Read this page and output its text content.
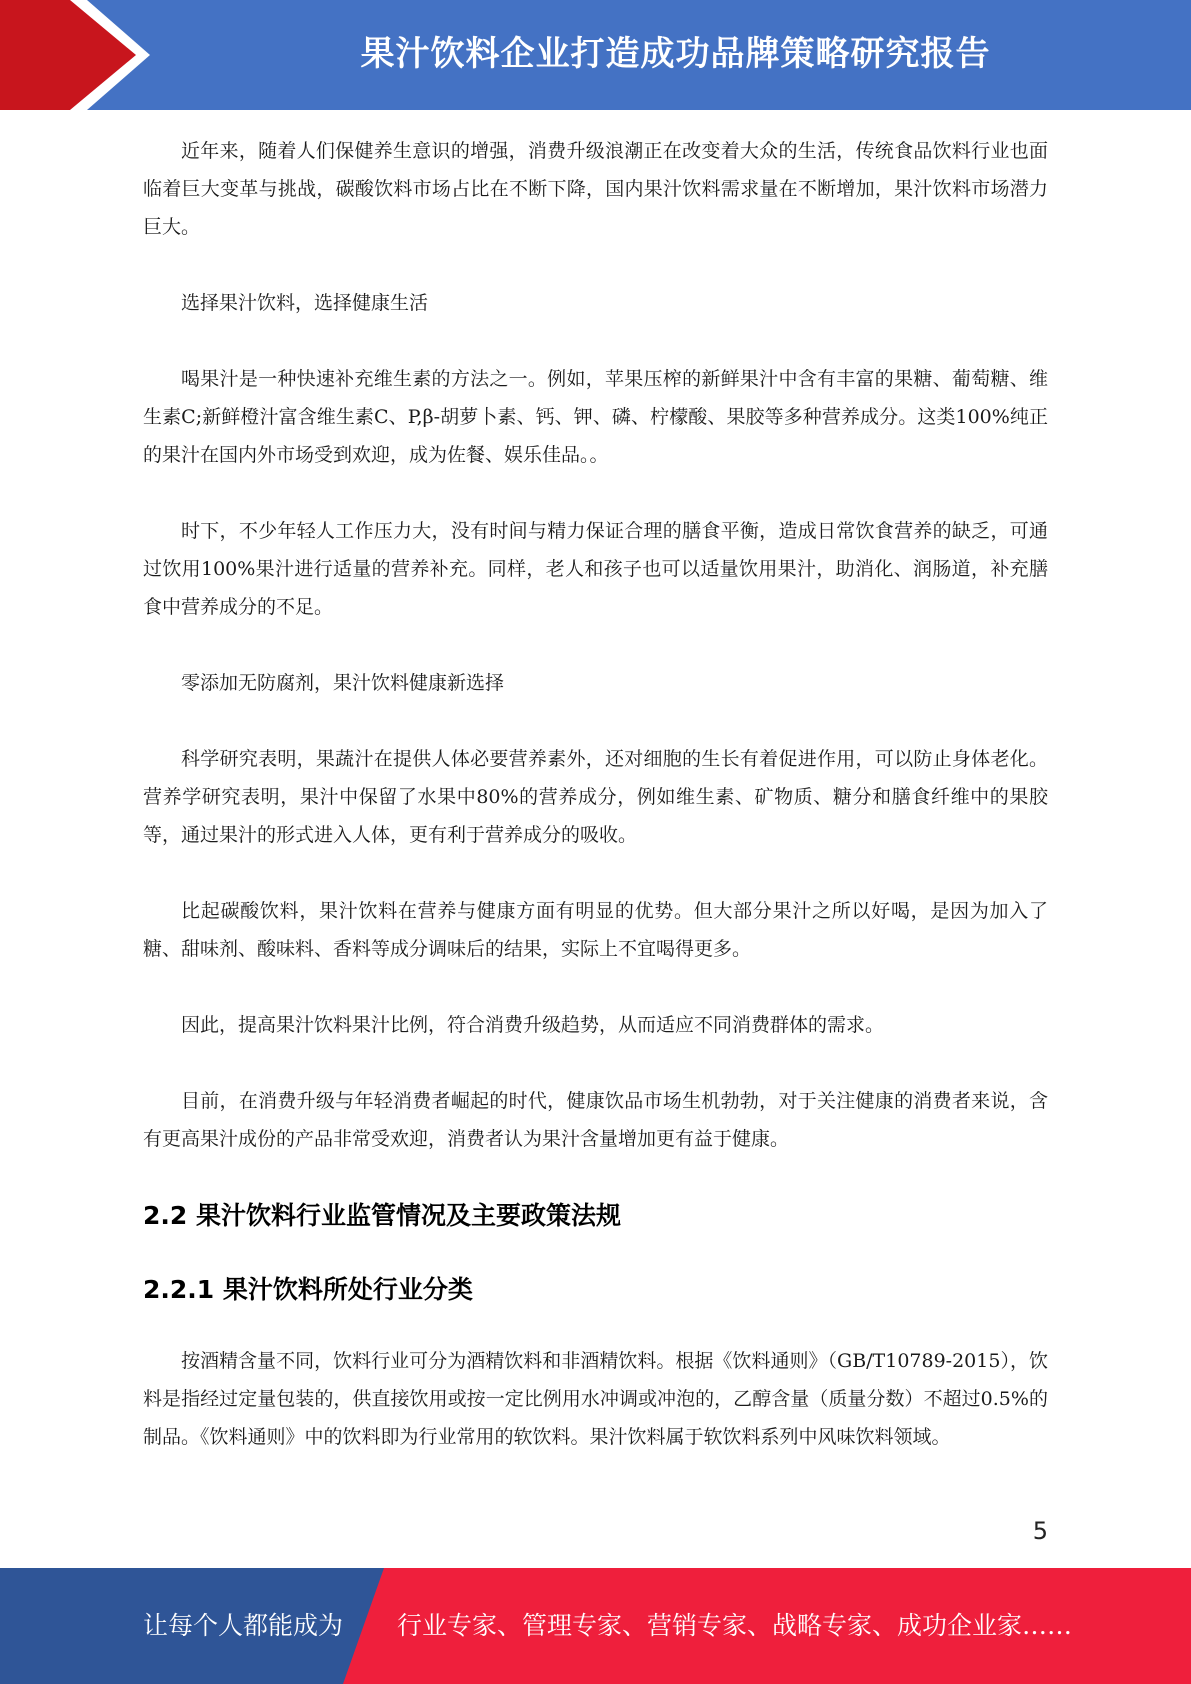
果汁饮料企业打造成功品牌策略研究报告

近年来，随着人们保健养生意识的增强，消费升级浪潮正在改变着大众的生活，传统食品饮料行业也面临着巨大变革与挑战，碳酸饮料市场占比在不断下降，国内果汁饮料需求量在不断增加，果汁饮料市场潜力巨大。

选择果汁饮料，选择健康生活

喝果汁是一种快速补充维生素的方法之一。例如，苹果压榨的新鲜果汁中含有丰富的果糖、葡萄糖、维生素C;新鲜橙汁富含维生素C、P,β-胡萝卜素、钙、钾、磷、柠檬酸、果胶等多种营养成分。这类100%纯正的果汁在国内外市场受到欢迎，成为佐餐、娱乐佳品。。

时下，不少年轻人工作压力大，没有时间与精力保证合理的膳食平衡，造成日常饮食营养的缺乏，可通过饮用100%果汁进行适量的营养补充。同样，老人和孩子也可以适量饮用果汁，助消化、润肠道，补充膳食中营养成分的不足。

零添加无防腐剂，果汁饮料健康新选择

科学研究表明，果蔬汁在提供人体必要营养素外，还对细胞的生长有着促进作用，可以防止身体老化。营养学研究表明，果汁中保留了水果中80%的营养成分，例如维生素、矿物质、糖分和膳食纤维中的果胶等，通过果汁的形式进入人体，更有利于营养成分的吸收。

比起碳酸饮料，果汁饮料在营养与健康方面有明显的优势。但大部分果汁之所以好喝，是因为加入了糖、甜味剂、酸味料、香料等成分调味后的结果，实际上不宜喝得更多。

因此，提高果汁饮料果汁比例，符合消费升级趋势，从而适应不同消费群体的需求。

目前，在消费升级与年轻消费者崛起的时代，健康饮品市场生机勃勃，对于关注健康的消费者来说，含有更高果汁成份的产品非常受欢迎，消费者认为果汁含量增加更有益于健康。

2.2 果汁饮料行业监管情况及主要政策法规
2.2.1 果汁饮料所处行业分类

按酒精含量不同，饮料行业可分为酒精饮料和非酒精饮料。根据《饮料通则》（GB/T10789-2015），饮料是指经过定量包装的，供直接饮用或按一定比例用水冲调或冲泡的，乙醇含量（质量分数）不超过0.5%的制品。《饮料通则》中的饮料即为行业常用的软饮料。果汁饮料属于软饮料系列中风味饮料领域。

5
让每个人都能成为 行业专家、管理专家、营销专家、战略专家、成功企业家……
